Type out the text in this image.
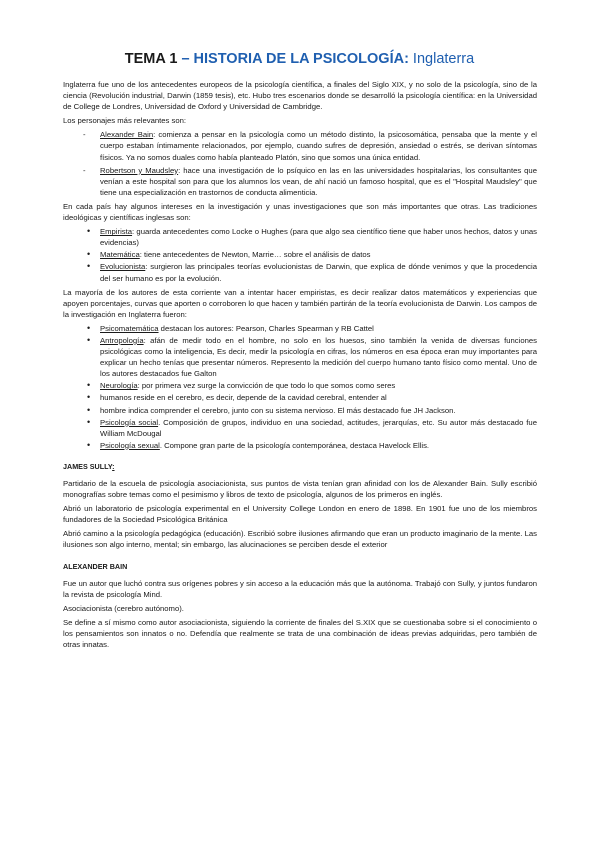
TEMA 1 – HISTORIA DE LA PSICOLOGÍA: Inglaterra

Inglaterra fue uno de los antecedentes europeos de la psicología científica, a finales del Siglo XIX, y no solo de la psicología, sino de la ciencia (Revolución industrial, Darwin (1859 tesis), etc. Hubo tres escenarios donde se desarrolló la psicología científica: en la Universidad de College de Londres, Universidad de Oxford y Universidad de Cambridge.

Los personajes más relevantes son:

- Alexander Bain: comienza a pensar en la psicología como un método distinto, la psicosomática, pensaba que la mente y el cuerpo estaban íntimamente relacionados, por ejemplo, cuando sufres de depresión, ansiedad o estrés, se derivan síntomas físicos. Ya no somos duales como había planteado Platón, sino que somos una única entidad.
- Robertson y Maudsley: hace una investigación de lo psíquico en las en las universidades hospitalarias, los consultantes que venían a este hospital son para que los alumnos los vean, de ahí nació un famoso hospital, que es el "Hospital Maudsley" que tiene una especialización en trastornos de conducta alimenticia.

En cada país hay algunos intereses en la investigación y unas investigaciones que son más importantes que otras. Las tradiciones ideológicas y científicas inglesas son:

• Empirista: guarda antecedentes como Locke o Hughes (para que algo sea científico tiene que haber unos hechos, datos y unas evidencias)
• Matemática: tiene antecedentes de Newton, Marrie… sobre el análisis de datos
• Evolucionista: surgieron las principales teorías evolucionistas de Darwin, que explica de dónde venimos y que la procedencia del ser humano es por la evolución.

La mayoría de los autores de esta corriente van a intentar hacer empiristas, es decir realizar datos matemáticos y experiencias que apoyen porcentajes, curvas que aporten o corroboren lo que hacen y también partirán de la teoría evolucionista de Darwin. Los campos de la investigación en Inglaterra fueron:

• Psicomatemática destacan los autores: Pearson, Charles Spearman y RB Cattel
• Antropología: afán de medir todo en el hombre, no solo en los huesos, sino también la venida de diversas funciones psicológicas como la inteligencia, Es decir, medir la psicología en cifras, los números en esa época eran muy importantes para explicar un hecho tenías que presentar números. Represento la medición del cuerpo humano tanto físico como mental. Uno de los autores destacados fue Galton
• Neurología: por primera vez surge la convicción de que todo lo que somos como seres
• humanos reside en el cerebro, es decir, depende de la cavidad cerebral, entender al
• hombre indica comprender el cerebro, junto con su sistema nervioso. El más destacado fue JH Jackson.
• Psicología social. Composición de grupos, individuo en una sociedad, actitudes, jerarquías, etc. Su autor más destacado fue William McDougal
• Psicología sexual. Compone gran parte de la psicología contemporánea, destaca Havelock Ellis.
JAMES SULLY:

Partidario de la escuela de psicología asociacionista, sus puntos de vista tenían gran afinidad con los de Alexander Bain. Sully escribió monografías sobre temas como el pesimismo y libros de texto de psicología, algunos de los primeros en inglés.

Abrió un laboratorio de psicología experimental en el University College London en enero de 1898. En 1901 fue uno de los miembros fundadores de la Sociedad Psicológica Británica

Abrió camino a la psicología pedagógica (educación). Escribió sobre ilusiones afirmando que eran un producto imaginario de la mente. Las ilusiones son algo interno, mental; sin embargo, las alucinaciones se perciben desde el exterior

ALEXANDER BAIN

Fue un autor que luchó contra sus orígenes pobres y sin acceso a la educación más que la autónoma. Trabajó con Sully, y juntos fundaron la revista de psicología Mind.

Asociacionista (cerebro autónomo).

Se define a sí mismo como autor asociacionista, siguiendo la corriente de finales del S.XIX que se cuestionaba sobre si el conocimiento o los pensamientos son innatos o no. Defendía que realmente se trata de una combinación de ideas previas adquiridas, pero también de otras innatas.
